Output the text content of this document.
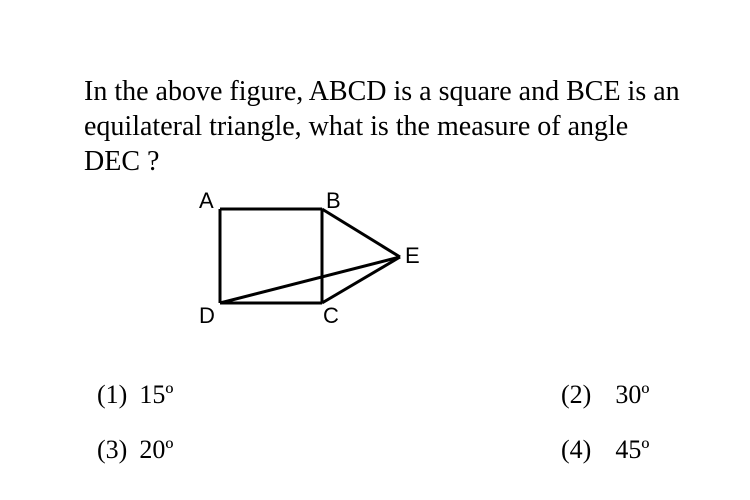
In the above figure, ABCD is a square and BCE is an equilateral triangle, what is the measure of angle DEC ?

A	B
C
D
E

(1) 15º	(2) 30º

(3) 20º	(4) 45º
